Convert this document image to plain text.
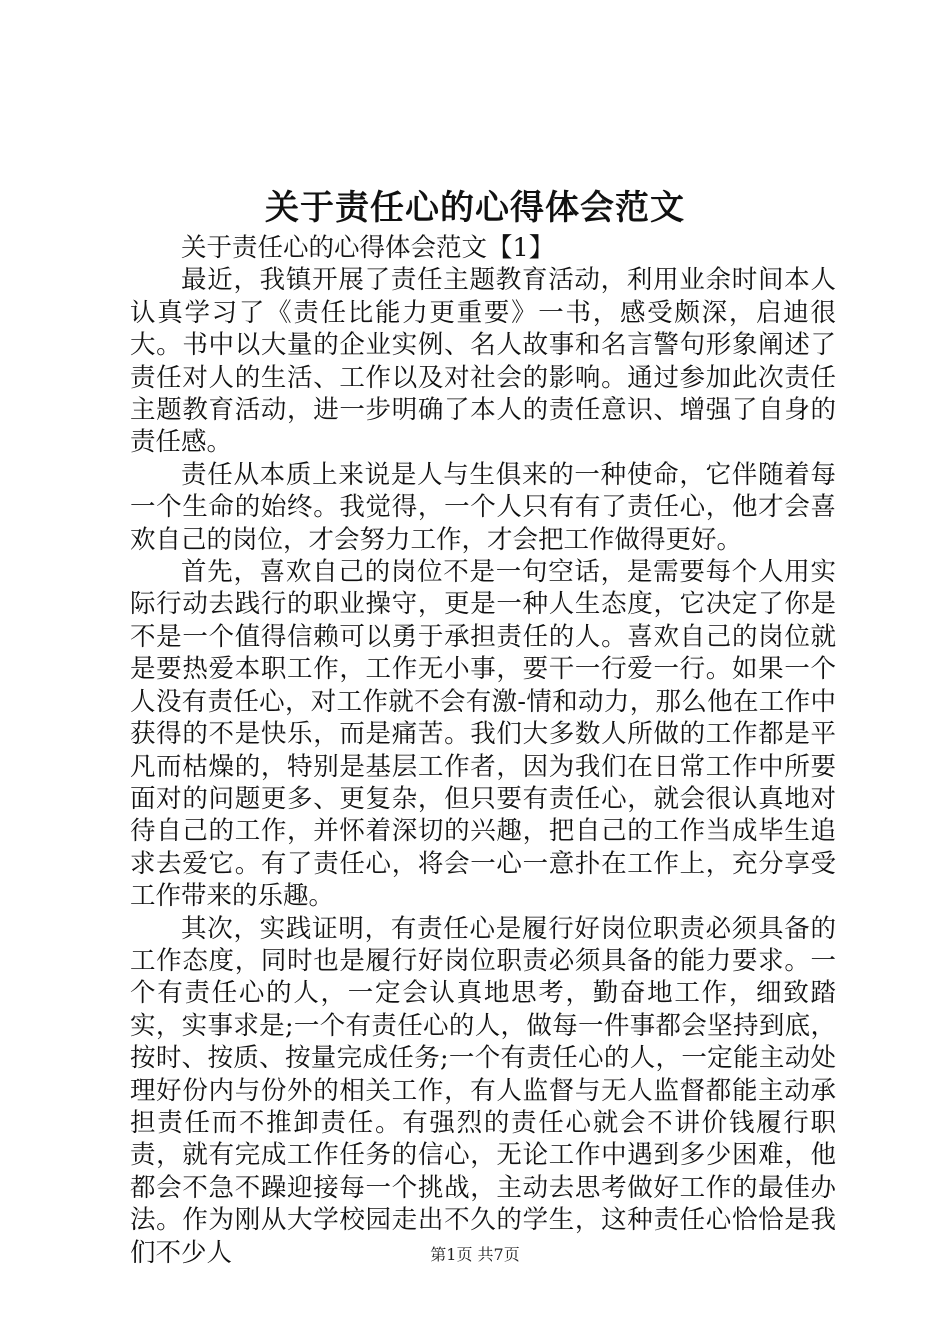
关于责任心的心得体会范文

关于责任心的心得体会范文【1】

最近，我镇开展了责任主题教育活动，利用业余时间本人认真学习了《责任比能力更重要》一书，感受颇深，启迪很大。书中以大量的企业实例、名人故事和名言警句形象阐述了责任对人的生活、工作以及对社会的影响。通过参加此次责任主题教育活动，进一步明确了本人的责任意识、增强了自身的责任感。

责任从本质上来说是人与生俱来的一种使命，它伴随着每一个生命的始终。我觉得，一个人只有有了责任心，他才会喜欢自己的岗位，才会努力工作，才会把工作做得更好。

首先，喜欢自己的岗位不是一句空话，是需要每个人用实际行动去践行的职业操守，更是一种人生态度，它决定了你是不是一个值得信赖可以勇于承担责任的人。喜欢自己的岗位就是要热爱本职工作，工作无小事，要干一行爱一行。如果一个人没有责任心，对工作就不会有激-情和动力，那么他在工作中获得的不是快乐，而是痛苦。我们大多数人所做的工作都是平凡而枯燥的，特别是基层工作者，因为我们在日常工作中所要面对的问题更多、更复杂，但只要有责任心，就会很认真地对待自己的工作，并怀着深切的兴趣，把自己的工作当成毕生追求去爱它。有了责任心，将会一心一意扑在工作上，充分享受工作带来的乐趣。

其次，实践证明，有责任心是履行好岗位职责必须具备的工作态度，同时也是履行好岗位职责必须具备的能力要求。一个有责任心的人，一定会认真地思考，勤奋地工作，细致踏实，实事求是;一个有责任心的人，做每一件事都会坚持到底，按时、按质、按量完成任务;一个有责任心的人，一定能主动处理好份内与份外的相关工作，有人监督与无人监督都能主动承担责任而不推卸责任。有强烈的责任心就会不讲价钱履行职责，就有完成工作任务的信心，无论工作中遇到多少困难，他都会不急不躁迎接每一个挑战，主动去思考做好工作的最佳办法。作为刚从大学校园走出不久的学生，这种责任心恰恰是我们不少人	第1页 共7页
